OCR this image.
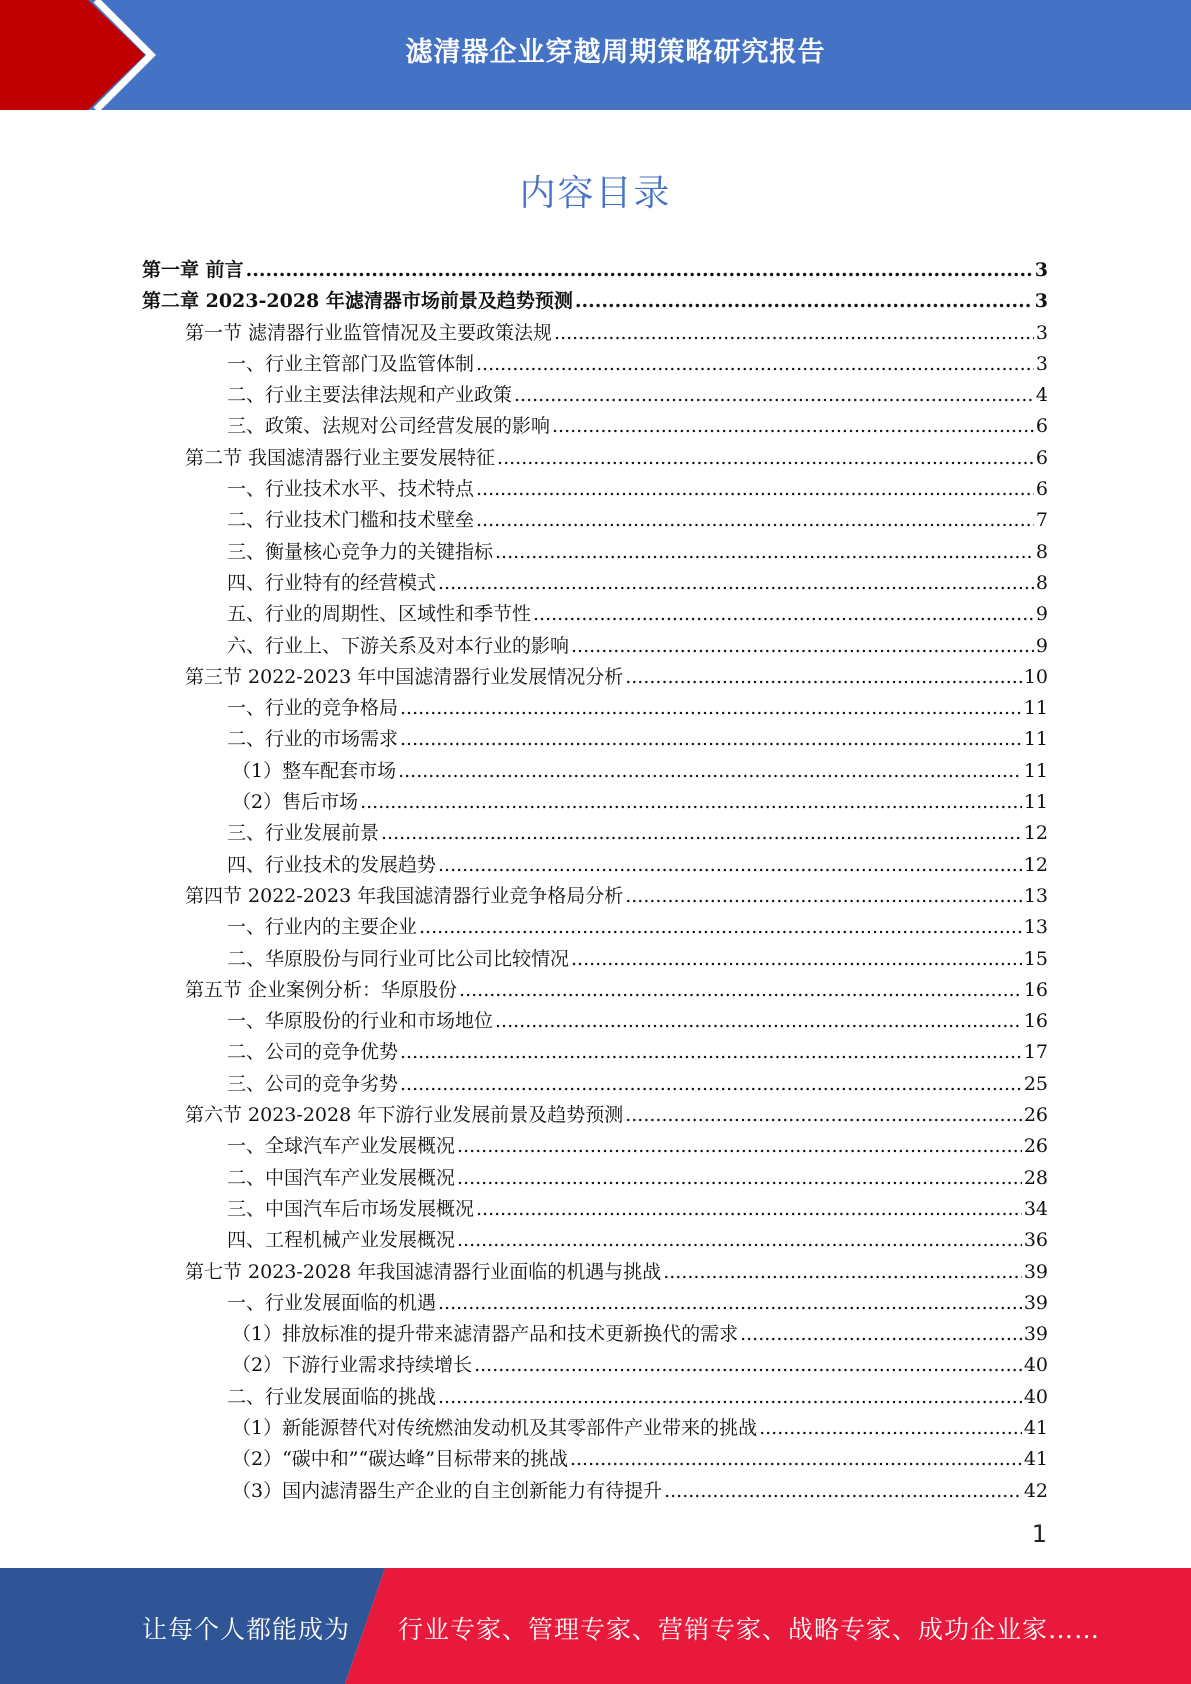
滤清器企业穿越周期策略研究报告
内容目录
第一章 前言 .....	3
第二章 2023-2028 年滤清器市场前景及趋势预测 .....	3
第一节 滤清器行业监管情况及主要政策法规 .....	3
一、行业主管部门及监管体制 .....	3
二、行业主要法律法规和产业政策 .....	4
三、政策、法规对公司经营发展的影响 .....	6
第二节 我国滤清器行业主要发展特征 .....	6
一、行业技术水平、技术特点 .....	6
二、行业技术门槛和技术壁垒 .....	7
三、衡量核心竞争力的关键指标 .....	8
四、行业特有的经营模式 .....	8
五、行业的周期性、区域性和季节性 .....	9
六、行业上、下游关系及对本行业的影响 .....	9
第三节 2022-2023 年中国滤清器行业发展情况分析 .....	10
一、行业的竞争格局 .....	11
二、行业的市场需求 .....	11
（1）整车配套市场 .....	11
（2）售后市场 .....	11
三、行业发展前景 .....	12
四、行业技术的发展趋势 .....	12
第四节 2022-2023 年我国滤清器行业竞争格局分析 .....	13
一、行业内的主要企业 .....	13
二、华原股份与同行业可比公司比较情况 .....	15
第五节 企业案例分析：华原股份 .....	16
一、华原股份的行业和市场地位 .....	16
二、公司的竞争优势 .....	17
三、公司的竞争劣势 .....	25
第六节 2023-2028 年下游行业发展前景及趋势预测 .....	26
一、全球汽车产业发展概况 .....	26
二、中国汽车产业发展概况 .....	28
三、中国汽车后市场发展概况 .....	34
四、工程机械产业发展概况 .....	36
第七节 2023-2028 年我国滤清器行业面临的机遇与挑战 .....	39
一、行业发展面临的机遇 .....	39
（1）排放标准的提升带来滤清器产品和技术更新换代的需求 .....	39
（2）下游行业需求持续增长 .....	40
二、行业发展面临的挑战 .....	40
（1）新能源替代对传统燃油发动机及其零部件产业带来的挑战 .....	41
（2）“碳中和”“碳达峰”目标带来的挑战 .....	41
（3）国内滤清器生产企业的自主创新能力有待提升 .....	42
1
让每个人都能成为 行业专家、管理专家、营销专家、战略专家、成功企业家……
